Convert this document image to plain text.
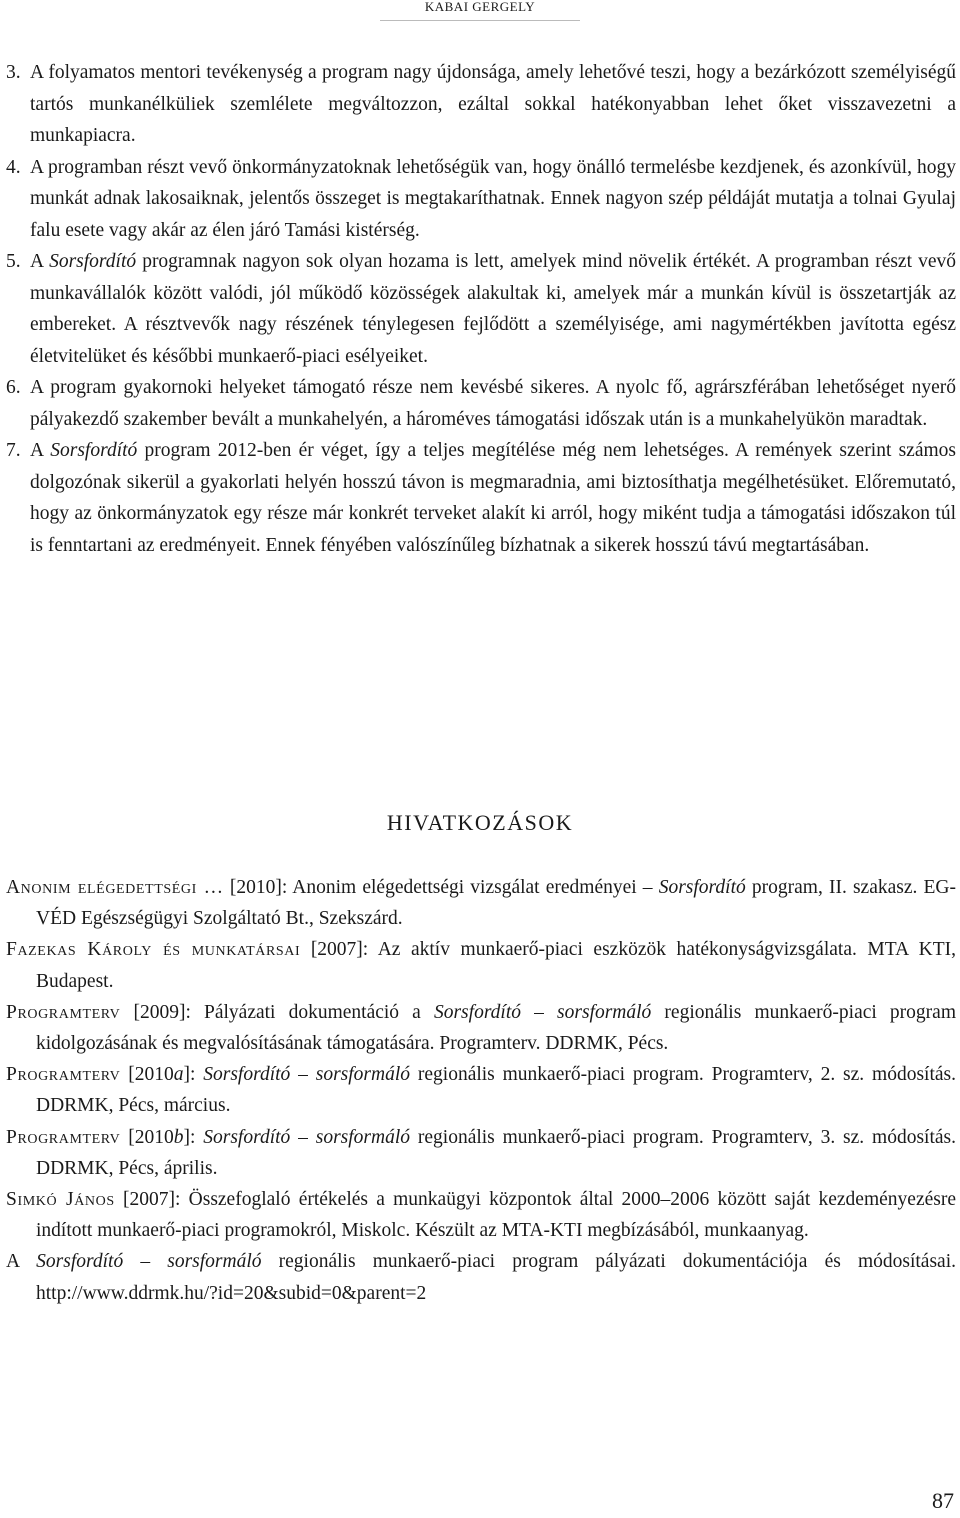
KABAI GERGELY

3. A folyamatos mentori tevékenység a program nagy újdonsága, amely lehetővé teszi, hogy a bezárkózott személyiségű tartós munkanélküliek szemlélete megváltozzon, ezáltal sokkal hatékonyabban lehet őket visszavezetni a munkapiacra.

4. A programban részt vevő önkormányzatoknak lehetőségük van, hogy önálló termelésbe kezdjenek, és azonkívül, hogy munkát adnak lakosaiknak, jelentős összeget is megtakaríthatnak. Ennek nagyon szép példáját mutatja a tolnai Gyulaj falu esete vagy akár az élen járó Tamási kistérség.

5. A Sorsfordító programnak nagyon sok olyan hozama is lett, amelyek mind növelik értékét. A programban részt vevő munkavállalók között valódi, jól működő közösségek alakultak ki, amelyek már a munkán kívül is összetartják az embereket. A résztvevők nagy részének ténylegesen fejlődött a személyisége, ami nagymértékben javította egész életvitelüket és későbbi munkaerő-piaci esélyeiket.

6. A program gyakornoki helyeket támogató része nem kevésbé sikeres. A nyolc fő, agrárszférában lehetőséget nyerő pályakezdő szakember bevált a munkahelyén, a hároméves támogatási időszak után is a munkahelyükön maradtak.

7. A Sorsfordító program 2012-ben ér véget, így a teljes megítélése még nem lehetséges. A remények szerint számos dolgozónak sikerül a gyakorlati helyén hosszú távon is megmaradnia, ami biztosíthatja megélhetésüket. Előremutató, hogy az önkormányzatok egy része már konkrét terveket alakít ki arról, hogy miként tudja a támogatási időszakon túl is fenntartani az eredményeit. Ennek fényében valószínűleg bízhatnak a sikerek hosszú távú megtartásában.

HIVATKOZÁSOK

Anonim elégedettségi … [2010]: Anonim elégedettségi vizsgálat eredményei – Sorsfordító program, II. szakasz. EG-VÉD Egészségügyi Szolgáltató Bt., Szekszárd.

Fazekas Károly és munkatársai [2007]: Az aktív munkaerő-piaci eszközök hatékonyságvizsgálata. MTA KTI, Budapest.

Programterv [2009]: Pályázati dokumentáció a Sorsfordító – sorsformáló regionális munkaerő-piaci program kidolgozásának és megvalósításának támogatására. Programterv. DDRMK, Pécs.

Programterv [2010a]: Sorsfordító – sorsformáló regionális munkaerő-piaci program. Programterv, 2. sz. módosítás. DDRMK, Pécs, március.

Programterv [2010b]: Sorsfordító – sorsformáló regionális munkaerő-piaci program. Programterv, 3. sz. módosítás. DDRMK, Pécs, április.

Simkó János [2007]: Összefoglaló értékelés a munkaügyi központok által 2000–2006 között saját kezdeményezésre indított munkaerő-piaci programokról, Miskolc. Készült az MTA-KTI megbízásából, munkaanyag.

A Sorsfordító – sorsformáló regionális munkaerő-piaci program pályázati dokumentációja és módosításai. http://www.ddrmk.hu/?id=20&subid=0&parent=2

87
